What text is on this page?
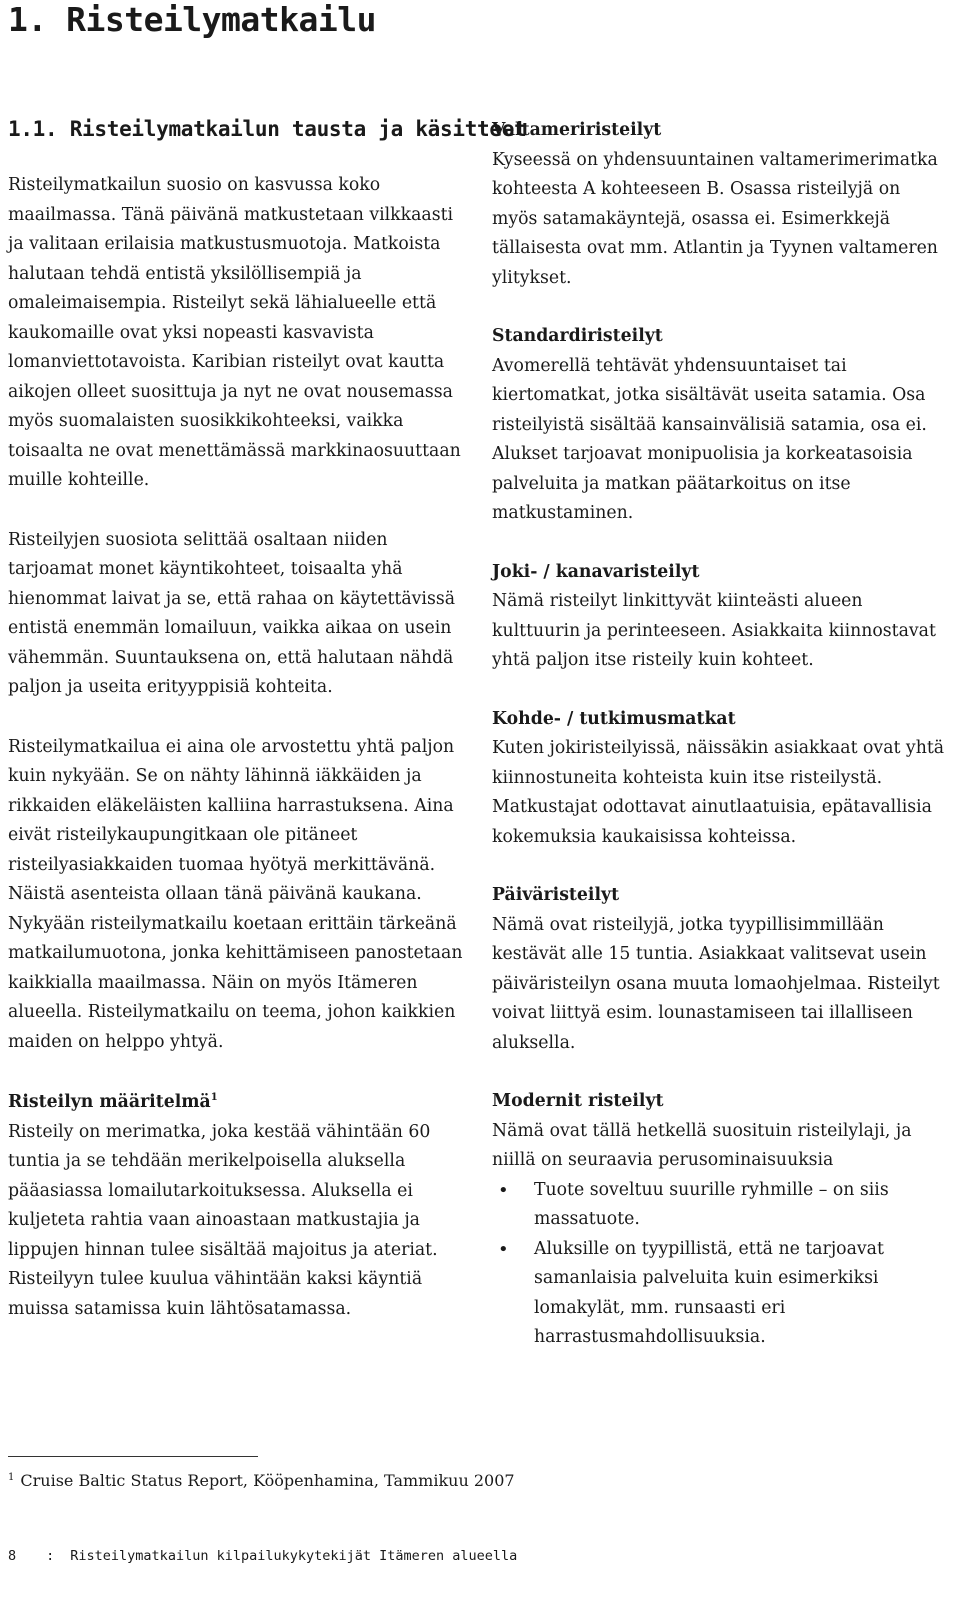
1. Risteilymatkailu
1.1. Risteilymatkailun tausta ja käsitteet

Risteilymatkailun suosio on kasvussa koko maailmassa. Tänä päivänä matkustetaan vilkkaasti ja valitaan erilaisia matkustusmuotoja. Matkoista halutaan tehdä entistä yksilöllisempiä ja omaleimaisempia. Risteilyt sekä lähialueelle että kaukomaille ovat yksi nopeasti kasvavista lomanviettotavoista. Karibian risteilyt ovat kautta aikojen olleet suosittuja ja nyt ne ovat nousemassa myös suomalaisten suosikkikohteeksi, vaikka toisaalta ne ovat menettämässä markkinaosuuttaan muille kohteille.

Risteilyjen suosiota selittää osaltaan niiden tarjoamat monet käyntikohteet, toisaalta yhä hienommat laivat ja se, että rahaa on käytettävissä entistä enemmän lomailuun, vaikka aikaa on usein vähemmän. Suuntauksena on, että halutaan nähdä paljon ja useita erityyppisiä kohteita.

Risteilymatkailua ei aina ole arvostettu yhtä paljon kuin nykyään. Se on nähty lähinnä iäkkäiden ja rikkaiden eläkeläisten kalliina harrastuksena. Aina eivät risteilykaupungitkaan ole pitäneet risteilyasiakkaiden tuomaa hyötyä merkittävänä. Näistä asenteista ollaan tänä päivänä kaukana. Nykyään risteilymatkailu koetaan erittäin tärkeänä matkailumuotona, jonka kehittämiseen panostetaan kaikkialla maailmassa. Näin on myös Itämeren alueella. Risteilymatkailu on teema, johon kaikkien maiden on helppo yhtyä.

Risteilyn määritelmä$^1$

Risteily on merimatka, joka kestää vähintään 60 tuntia ja se tehdään merikelpoisella aluksella pääasiassa lomailutarkoituksessa. Aluksella ei kuljeteta rahtia vaan ainoastaan matkustajia ja lippujen hinnan tulee sisältää majoitus ja ateriat. Risteilyyn tulee kuulua vähintään kaksi käyntiä muissa satamissa kuin lähtösatamassa.

Valtameriristeilyt

Kyseessä on yhdensuuntainen valtamerimerimatka kohteesta A kohteeseen B. Osassa risteilyjä on myös satamakäyntejä, osassa ei. Esimerkkejä tällaisesta ovat mm. Atlantin ja Tyynen valtameren ylitykset.

Standardiristeilyt

Avomerellä tehtävät yhdensuuntaiset tai kiertomatkat, jotka sisältävät useita satamia. Osa risteilyistä sisältää kansainvälisiä satamia, osa ei. Alukset tarjoavat monipuolisia ja korkeatasoisia palveluita ja matkan päätarkoitus on itse matkustaminen.

Joki- / kanavaristeilyt

Nämä risteilyt linkittyvät kiinteästi alueen kulttuurin ja perinteeseen. Asiakkaita kiinnostavat yhtä paljon itse risteily kuin kohteet.

Kohde- / tutkimusmatkat

Kuten jokiristeilyissä, näissäkin asiakkaat ovat yhtä kiinnostuneita kohteista kuin itse risteilystä. Matkustajat odottavat ainutlaatuisia, epätavallisia kokemuksia kaukaisissa kohteissa.

Päiväristeilyt

Nämä ovat risteilyjä, jotka tyypillisimmillään kestävät alle 15 tuntia. Asiakkaat valitsevat usein päiväristeilyn osana muuta lomaohjelmaa. Risteilyt voivat liittyä esim. lounastamiseen tai illalliseen aluksella.

Modernit risteilyt

Nämä ovat tällä hetkellä suosituin risteilylaji, ja niillä on seuraavia perusominaisuuksia

• Tuote soveltuu suurille ryhmille – on siis massatuote.
• Aluksille on tyypillistä, että ne tarjoavat samanlaisia palveluita kuin esimerkiksi lomakylät, mm. runsaasti eri harrastusmahdollisuuksia.
$^1$ Cruise Baltic Status Report, Kööpenhamina, Tammikuu 2007
8 : Risteilymatkailun kilpailukykytekijät Itämeren alueella
